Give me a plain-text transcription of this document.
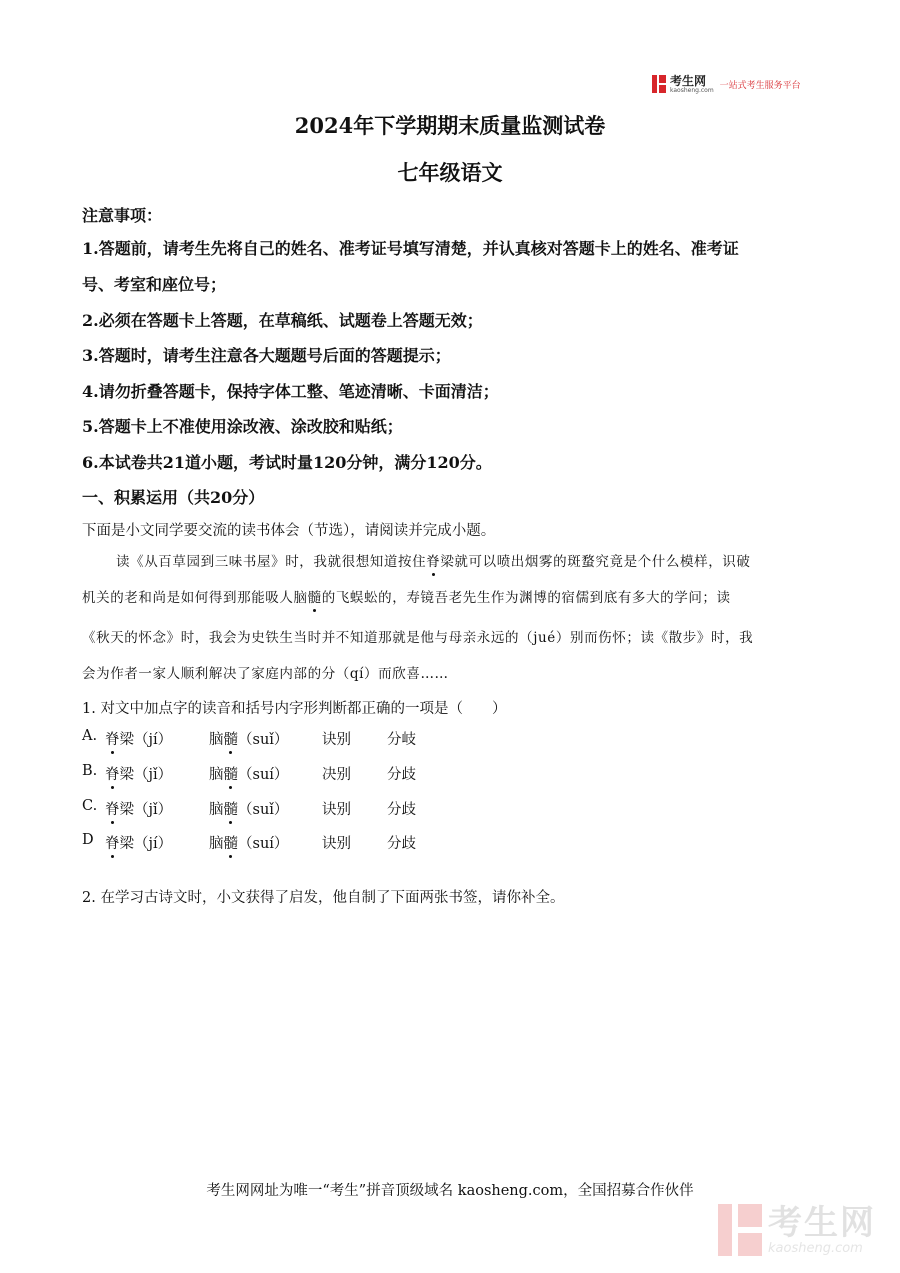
考生网
kaosheng.com 一站式考生服务平台
2024年下学期期末质量监测试卷
七年级语文
注意事项：
1.答题前，请考生先将自己的姓名、准考证号填写清楚，并认真核对答题卡上的姓名、准考证
号、考室和座位号；
2.必须在答题卡上答题，在草稿纸、试题卷上答题无效；
3.答题时，请考生注意各大题题号后面的答题提示；
4.请勿折叠答题卡，保持字体工整、笔迹清晰、卡面清洁；
5.答题卡上不准使用涂改液、涂改胶和贴纸；
6.本试卷共21道小题，考试时量120分钟，满分120分。
一、积累运用（共20分）
下面是小文同学要交流的读书体会（节选），请阅读并完成小题。
读《从百草园到三味书屋》时，我就很想知道按住脊梁就可以喷出烟雾的斑蝥究竟是个什么模样，识破
机关的老和尚是如何得到那能吸人脑髓的飞蜈蚣的，寿镜吾老先生作为渊博的宿儒到底有多大的学问；读
《秋天的怀念》时，我会为史铁生当时并不知道那就是他与母亲永远的（jué）别而伤怀；读《散步》时，我
会为作者一家人顺利解决了家庭内部的分（qí）而欣喜……
1. 对文中加点字的读音和括号内字形判断都正确的一项是（　　）
A. 脊梁（jí）	脑髓（suǐ） 诀别 分岐
B. 脊梁（jǐ）	脑髓（suí） 决别 分歧
C. 脊梁（jǐ）	脑髓（suǐ） 诀别 分歧
D 脊梁（jí）	脑髓（suí） 诀别 分歧
2. 在学习古诗文时，小文获得了启发，他自制了下面两张书签，请你补全。
考生网网址为唯一“考生”拼音顶级域名 kaosheng.com，全国招募合作伙伴
考生网
kaosheng.com
